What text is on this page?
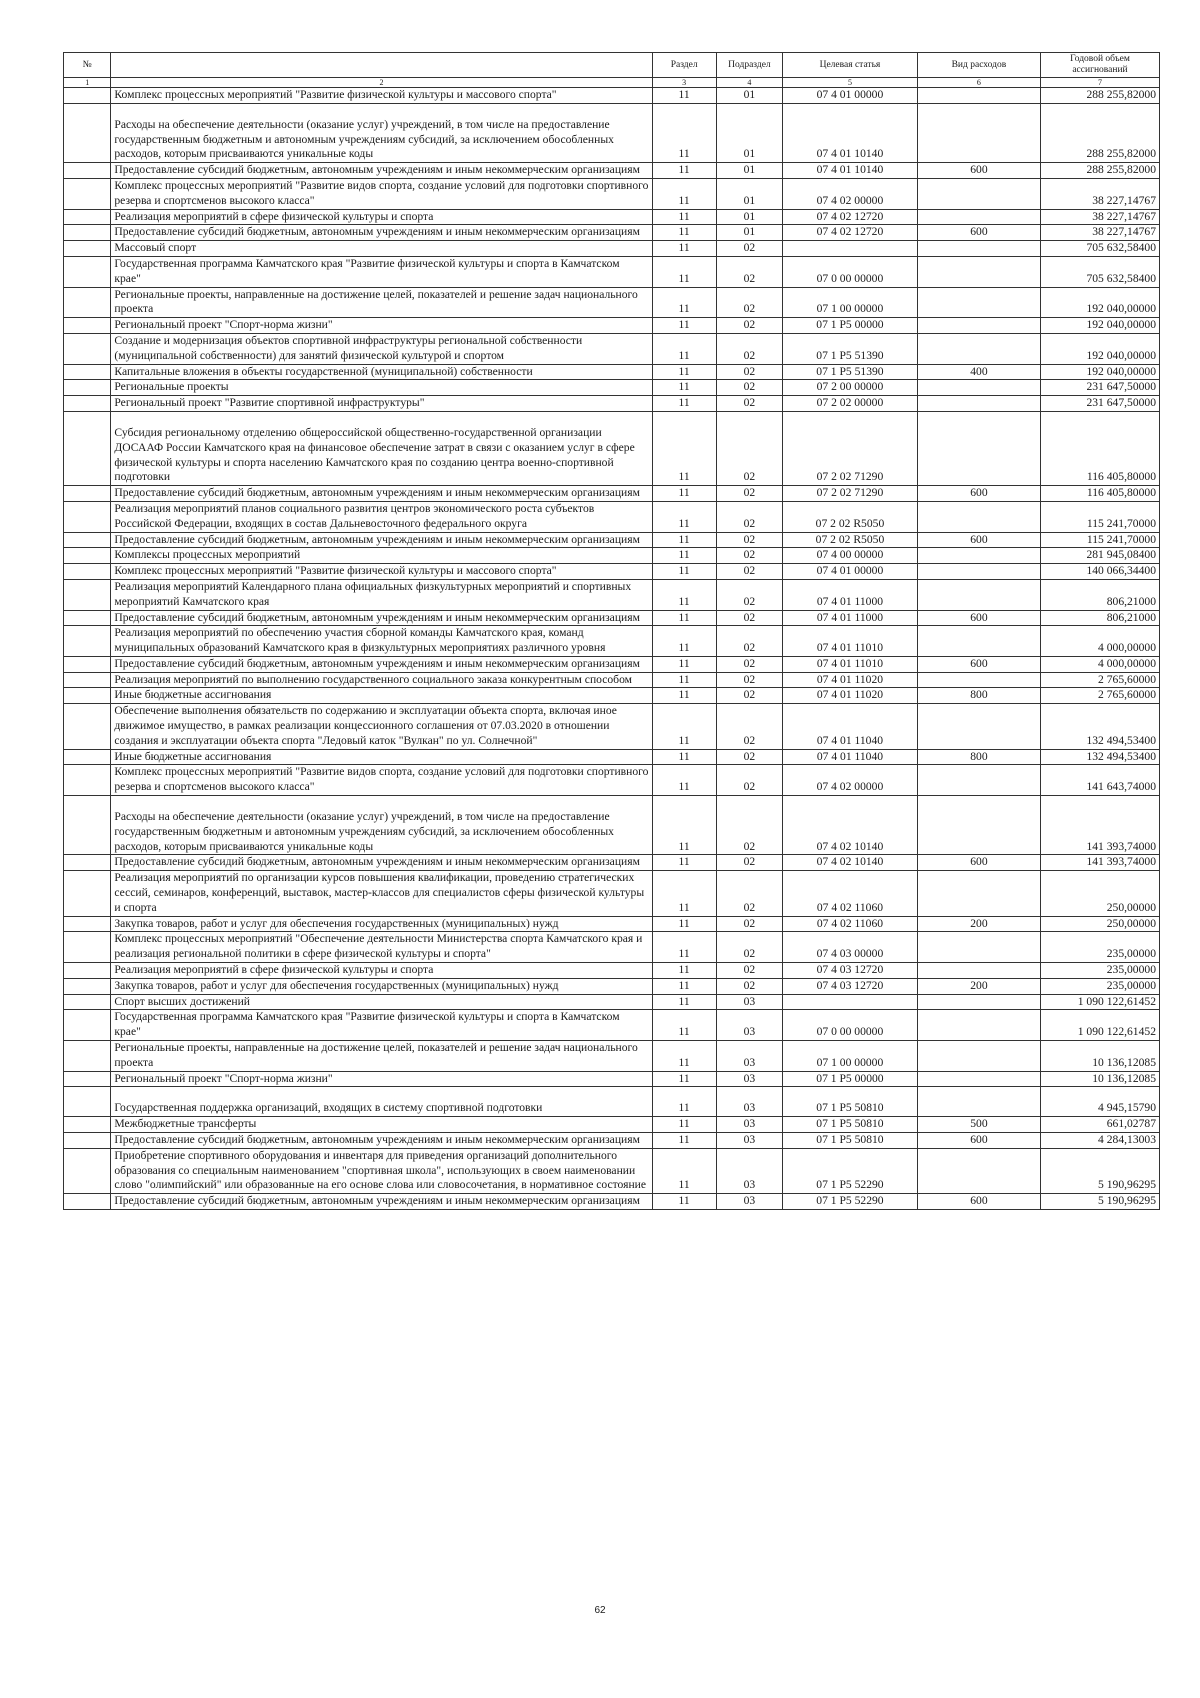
№		Раздел	Подраздел	Целевая статья	Вид расходов	Годовой объем ассигнований
1	2	3	4	5	6	7
	Комплекс процессных мероприятий "Развитие физической культуры и массового спорта"	11	01	07 4 01 00000		288 255,82000
	Расходы на обеспечение деятельности (оказание услуг) учреждений, в том числе на предоставление государственным бюджетным и автономным учреждениям субсидий, за исключением обособленных расходов, которым присваиваются уникальные коды	11	01	07 4 01 10140		288 255,82000
	Предоставление субсидий бюджетным, автономным учреждениям и иным некоммерческим организациям	11	01	07 4 01 10140	600	288 255,82000
	Комплекс процессных мероприятий "Развитие видов спорта, создание условий для подготовки спортивного резерва и спортсменов высокого класса"	11	01	07 4 02 00000		38 227,14767
	Реализация мероприятий в сфере физической культуры и спорта	11	01	07 4 02 12720		38 227,14767
	Предоставление субсидий бюджетным, автономным учреждениям и иным некоммерческим организациям	11	01	07 4 02 12720	600	38 227,14767
	Массовый спорт	11	02			705 632,58400
	Государственная программа Камчатского края "Развитие физической культуры и спорта в Камчатском крае"	11	02	07 0 00 00000		705 632,58400
	Региональные проекты, направленные на достижение целей, показателей и решение задач национального проекта	11	02	07 1 00 00000		192 040,00000
	Региональный проект "Спорт-норма жизни"	11	02	07 1 P5 00000		192 040,00000
	Создание и модернизация объектов спортивной инфраструктуры региональной собственности (муниципальной собственности) для занятий физической культурой и спортом	11	02	07 1 P5 51390		192 040,00000
	Капитальные вложения в объекты государственной (муниципальной) собственности	11	02	07 1 P5 51390	400	192 040,00000
	Региональные проекты	11	02	07 2 00 00000		231 647,50000
	Региональный проект "Развитие спортивной инфраструктуры"	11	02	07 2 02 00000		231 647,50000
	Субсидия региональному отделению общероссийской общественно-государственной организации ДОСААФ России Камчатского края на финансовое обеспечение затрат в связи с оказанием услуг в сфере физической культуры и спорта населению Камчатского края по созданию центра военно-спортивной подготовки	11	02	07 2 02 71290		116 405,80000
	Предоставление субсидий бюджетным, автономным учреждениям и иным некоммерческим организациям	11	02	07 2 02 71290	600	116 405,80000
	Реализация мероприятий планов социального развития центров экономического роста субъектов Российской Федерации, входящих в состав Дальневосточного федерального округа	11	02	07 2 02 R5050		115 241,70000
	Предоставление субсидий бюджетным, автономным учреждениям и иным некоммерческим организациям	11	02	07 2 02 R5050	600	115 241,70000
	Комплексы процессных мероприятий	11	02	07 4 00 00000		281 945,08400
	Комплекс процессных мероприятий "Развитие физической культуры и массового спорта"	11	02	07 4 01 00000		140 066,34400
	Реализация мероприятий Календарного плана официальных физкультурных мероприятий и спортивных мероприятий Камчатского края	11	02	07 4 01 11000		806,21000
	Предоставление субсидий бюджетным, автономным учреждениям и иным некоммерческим организациям	11	02	07 4 01 11000	600	806,21000
	Реализация мероприятий по обеспечению участия сборной команды Камчатского края, команд муниципальных образований Камчатского края в физкультурных мероприятиях различного уровня	11	02	07 4 01 11010		4 000,00000
	Предоставление субсидий бюджетным, автономным учреждениям и иным некоммерческим организациям	11	02	07 4 01 11010	600	4 000,00000
	Реализация мероприятий по выполнению государственного социального заказа конкурентным способом	11	02	07 4 01 11020		2 765,60000
	Иные бюджетные ассигнования	11	02	07 4 01 11020	800	2 765,60000
	Обеспечение выполнения обязательств по содержанию и эксплуатации объекта спорта, включая иное движимое имущество, в рамках реализации концессионного соглашения от 07.03.2020 в отношении создания и эксплуатации объекта спорта "Ледовый каток "Вулкан" по ул. Солнечной"	11	02	07 4 01 11040		132 494,53400
	Иные бюджетные ассигнования	11	02	07 4 01 11040	800	132 494,53400
	Комплекс процессных мероприятий "Развитие видов спорта, создание условий для подготовки спортивного резерва и спортсменов высокого класса"	11	02	07 4 02 00000		141 643,74000
	Расходы на обеспечение деятельности (оказание услуг) учреждений, в том числе на предоставление государственным бюджетным и автономным учреждениям субсидий, за исключением обособленных расходов, которым присваиваются уникальные коды	11	02	07 4 02 10140		141 393,74000
	Предоставление субсидий бюджетным, автономным учреждениям и иным некоммерческим организациям	11	02	07 4 02 10140	600	141 393,74000
	Реализация мероприятий по организации курсов повышения квалификации, проведению стратегических сессий, семинаров, конференций, выставок, мастер-классов для специалистов сферы физической культуры и спорта	11	02	07 4 02 11060		250,00000
	Закупка товаров, работ и услуг для обеспечения государственных (муниципальных) нужд	11	02	07 4 02 11060	200	250,00000
	Комплекс процессных мероприятий "Обеспечение деятельности Министерства спорта Камчатского края и реализация региональной политики в сфере физической культуры и спорта"	11	02	07 4 03 00000		235,00000
	Реализация мероприятий в сфере физической культуры и спорта	11	02	07 4 03 12720		235,00000
	Закупка товаров, работ и услуг для обеспечения государственных (муниципальных) нужд	11	02	07 4 03 12720	200	235,00000
	Спорт высших достижений	11	03			1 090 122,61452
	Государственная программа Камчатского края "Развитие физической культуры и спорта в Камчатском крае"	11	03	07 0 00 00000		1 090 122,61452
	Региональные проекты, направленные на достижение целей, показателей и решение задач национального проекта	11	03	07 1 00 00000		10 136,12085
	Региональный проект "Спорт-норма жизни"	11	03	07 1 P5 00000		10 136,12085
	Государственная поддержка организаций, входящих в систему спортивной подготовки	11	03	07 1 P5 50810		4 945,15790
	Межбюджетные трансферты	11	03	07 1 P5 50810	500	661,02787
	Предоставление субсидий бюджетным, автономным учреждениям и иным некоммерческим организациям	11	03	07 1 P5 50810	600	4 284,13003
	Приобретение спортивного оборудования и инвентаря для приведения организаций дополнительного образования со специальным наименованием "спортивная школа", использующих в своем наименовании слово "олимпийский" или образованные на его основе слова или словосочетания, в нормативное состояние	11	03	07 1 P5 52290		5 190,96295
	Предоставление субсидий бюджетным, автономным учреждениям и иным некоммерческим организациям	11	03	07 1 P5 52290	600	5 190,96295
62
